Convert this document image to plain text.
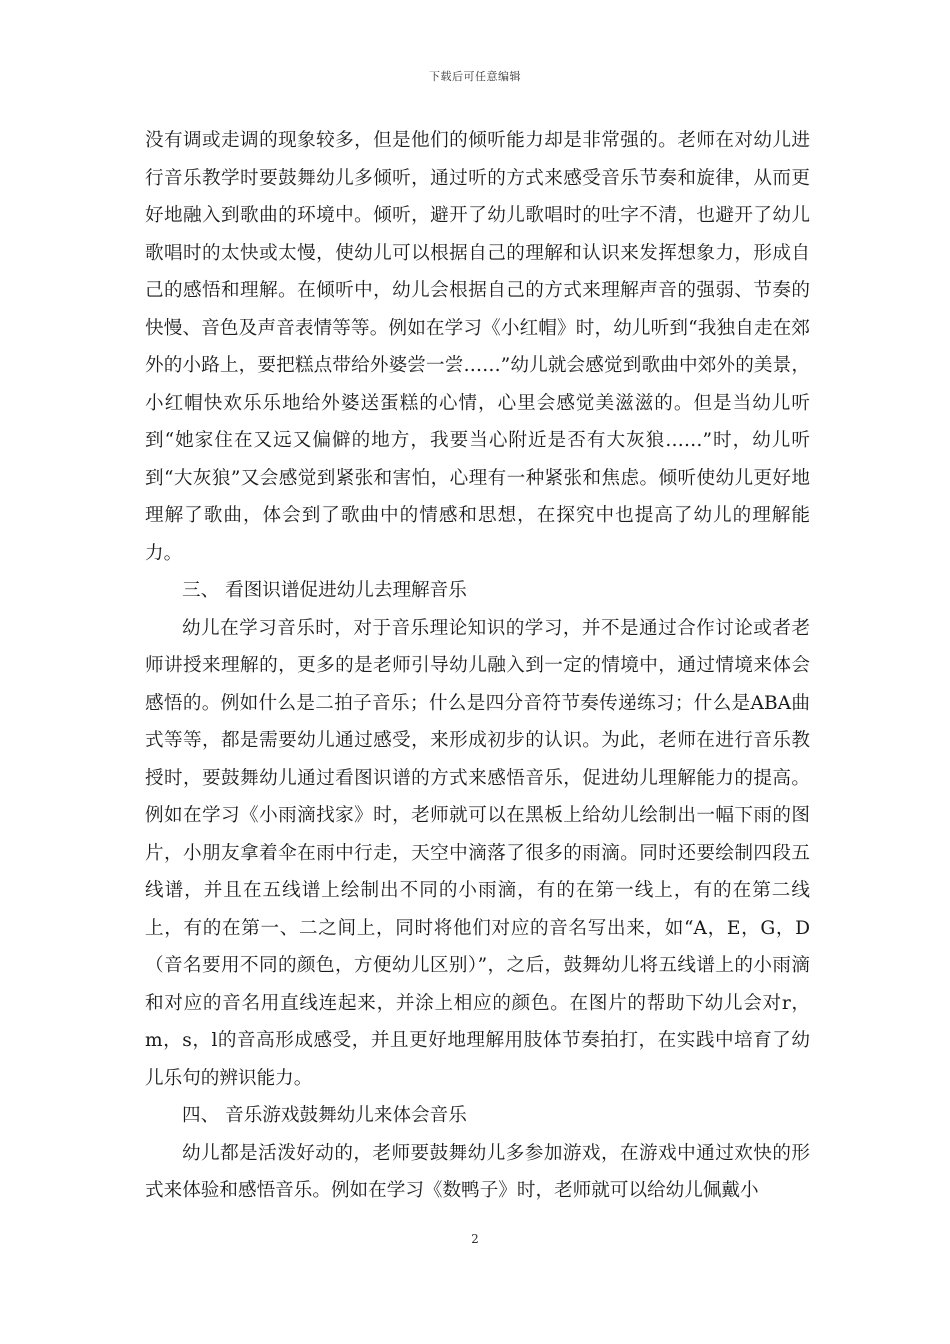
下载后可任意编辑

没有调或走调的现象较多，但是他们的倾听能力却是非常强的。老师在对幼儿进行音乐教学时要鼓舞幼儿多倾听，通过听的方式来感受音乐节奏和旋律，从而更好地融入到歌曲的环境中。倾听，避开了幼儿歌唱时的吐字不清，也避开了幼儿歌唱时的太快或太慢，使幼儿可以根据自己的理解和认识来发挥想象力，形成自己的感悟和理解。在倾听中，幼儿会根据自己的方式来理解声音的强弱、节奏的快慢、音色及声音表情等等。例如在学习《小红帽》时，幼儿听到“我独自走在郊外的小路上，要把糕点带给外婆尝一尝……”幼儿就会感觉到歌曲中郊外的美景，小红帽快欢乐乐地给外婆送蛋糕的心情，心里会感觉美滋滋的。但是当幼儿听到“她家住在又远又偏僻的地方，我要当心附近是否有大灰狼……”时，幼儿听到“大灰狼”又会感觉到紧张和害怕，心理有一种紧张和焦虑。倾听使幼儿更好地理解了歌曲，体会到了歌曲中的情感和思想，在探究中也提高了幼儿的理解能力。

三、 看图识谱促进幼儿去理解音乐

幼儿在学习音乐时，对于音乐理论知识的学习，并不是通过合作讨论或者老师讲授来理解的，更多的是老师引导幼儿融入到一定的情境中，通过情境来体会感悟的。例如什么是二拍子音乐；什么是四分音符节奏传递练习；什么是ABA曲式等等，都是需要幼儿通过感受，来形成初步的认识。为此，老师在进行音乐教授时，要鼓舞幼儿通过看图识谱的方式来感悟音乐，促进幼儿理解能力的提高。例如在学习《小雨滴找家》时，老师就可以在黑板上给幼儿绘制出一幅下雨的图片，小朋友拿着伞在雨中行走，天空中滴落了很多的雨滴。同时还要绘制四段五线谱，并且在五线谱上绘制出不同的小雨滴，有的在第一线上，有的在第二线上，有的在第一、二之间上，同时将他们对应的音名写出来，如“A，E，G，D（音名要用不同的颜色，方便幼儿区别）”，之后，鼓舞幼儿将五线谱上的小雨滴和对应的音名用直线连起来，并涂上相应的颜色。在图片的帮助下幼儿会对r，m，s，l的音高形成感受，并且更好地理解用肢体节奏拍打，在实践中培育了幼儿乐句的辨识能力。

四、 音乐游戏鼓舞幼儿来体会音乐

幼儿都是活泼好动的，老师要鼓舞幼儿多参加游戏，在游戏中通过欢快的形式来体验和感悟音乐。例如在学习《数鸭子》时，老师就可以给幼儿佩戴小

2
